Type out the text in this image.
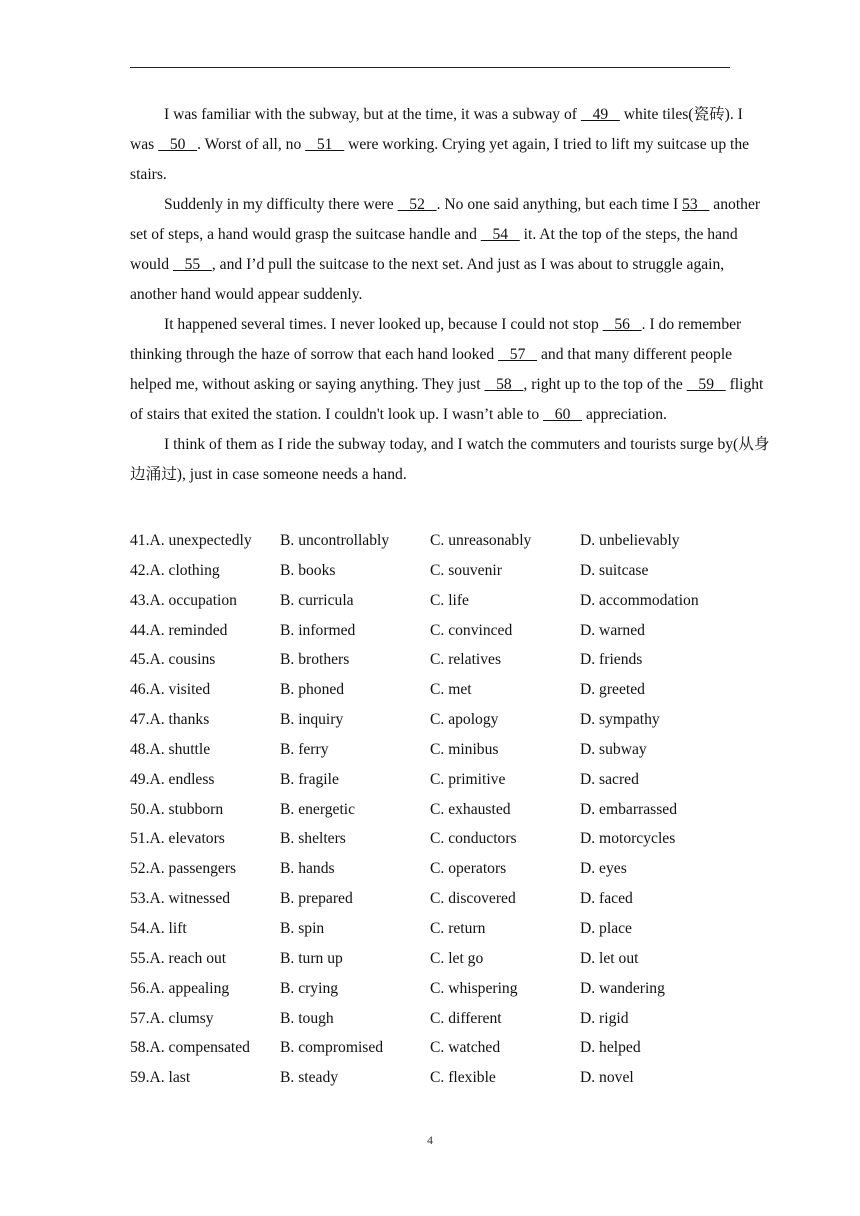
I was familiar with the subway, but at the time, it was a subway of    49    white tiles(瓷砖). I was    50   . Worst of all, no    51    were working. Crying yet again, I tried to lift my suitcase up the stairs.

Suddenly in my difficulty there were    52   . No one said anything, but each time I 53    another set of steps, a hand would grasp the suitcase handle and    54    it. At the top of the steps, the hand would    55   , and I’d pull the suitcase to the next set. And just as I was about to struggle again, another hand would appear suddenly.

It happened several times. I never looked up, because I could not stop    56   . I do remember thinking through the haze of sorrow that each hand looked    57    and that many different people helped me, without asking or saying anything. They just    58   , right up to the top of the    59    flight of stairs that exited the station. I couldn't look up. I wasn’t able to    60    appreciation.

I think of them as I ride the subway today, and I watch the commuters and tourists surge by(从身边涌过), just in case someone needs a hand.

41.A. unexpectedly	B. uncontrollably	C. unreasonably	D. unbelievably
42.A. clothing	B. books	C. souvenir	D. suitcase
43.A. occupation	B. curricula	C. life	D. accommodation
44.A. reminded	B. informed	C. convinced	D. warned
45.A. cousins	B. brothers	C. relatives	D. friends
46.A. visited	B. phoned	C. met	D. greeted
47.A. thanks	B. inquiry	C. apology	D. sympathy
48.A. shuttle	B. ferry	C. minibus	D. subway
49.A. endless	B. fragile	C. primitive	D. sacred
50.A. stubborn	B. energetic	C. exhausted	D. embarrassed
51.A. elevators	B. shelters	C. conductors	D. motorcycles
52.A. passengers	B. hands	C. operators	D. eyes
53.A. witnessed	B. prepared	C. discovered	D. faced
54.A. lift	B. spin	C. return	D. place
55.A. reach out	B. turn up	C. let go	D. let out
56.A. appealing	B. crying	C. whispering	D. wandering
57.A. clumsy	B. tough	C. different	D. rigid
58.A. compensated	B. compromised	C. watched	D. helped
59.A. last	B. steady	C. flexible	D. novel
4
